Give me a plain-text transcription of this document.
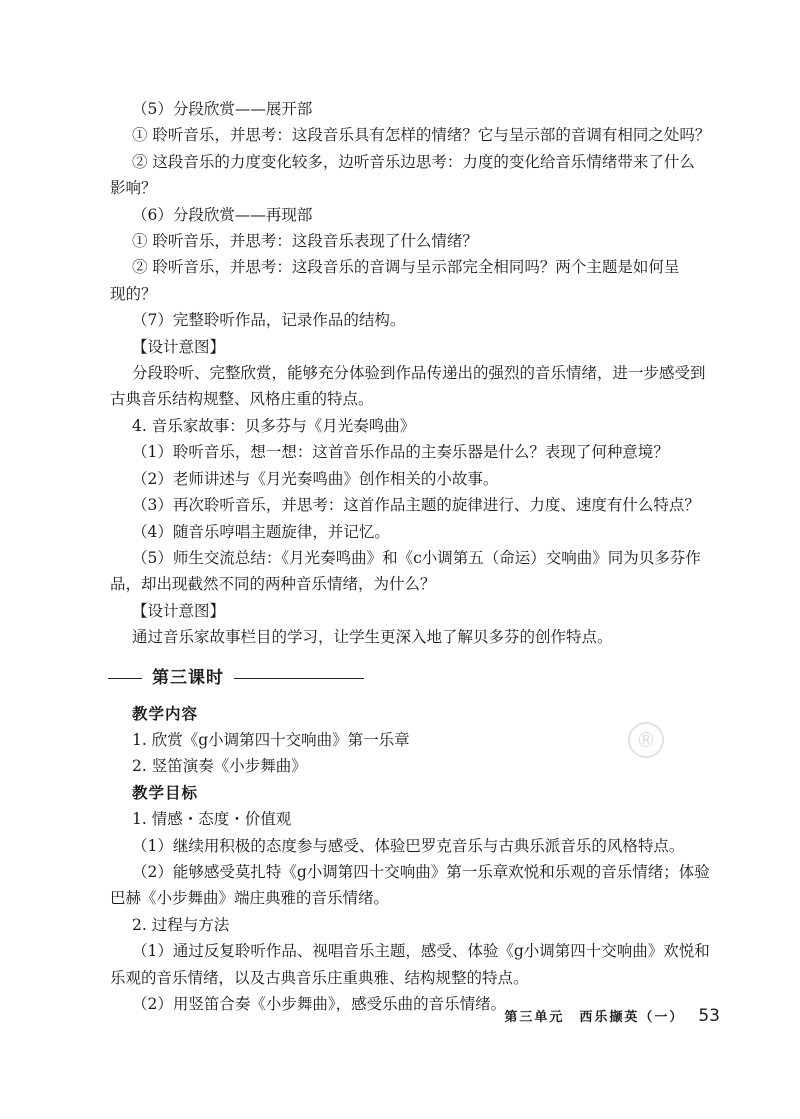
®

（5）分段欣赏——展开部

① 聆听音乐，并思考：这段音乐具有怎样的情绪？它与呈示部的音调有相同之处吗？

② 这段音乐的力度变化较多，边听音乐边思考：力度的变化给音乐情绪带来了什么

影响？

（6）分段欣赏——再现部

① 聆听音乐，并思考：这段音乐表现了什么情绪？

② 聆听音乐，并思考：这段音乐的音调与呈示部完全相同吗？两个主题是如何呈

现的？

（7）完整聆听作品，记录作品的结构。

【设计意图】

分段聆听、完整欣赏，能够充分体验到作品传递出的强烈的音乐情绪，进一步感受到

古典音乐结构规整、风格庄重的特点。

4. 音乐家故事：贝多芬与《月光奏鸣曲》

（1）聆听音乐，想一想：这首音乐作品的主奏乐器是什么？表现了何种意境？

（2）老师讲述与《月光奏鸣曲》创作相关的小故事。

（3）再次聆听音乐，并思考：这首作品主题的旋律进行、力度、速度有什么特点？

（4）随音乐哼唱主题旋律，并记忆。

（5）师生交流总结：《月光奏鸣曲》和《c小调第五（命运）交响曲》同为贝多芬作

品，却出现截然不同的两种音乐情绪，为什么？

【设计意图】

通过音乐家故事栏目的学习，让学生更深入地了解贝多芬的创作特点。

第三课时

教学内容

1. 欣赏《g小调第四十交响曲》第一乐章

2. 竖笛演奏《小步舞曲》

教学目标

1. 情感・态度・价值观

（1）继续用积极的态度参与感受、体验巴罗克音乐与古典乐派音乐的风格特点。

（2）能够感受莫扎特《g小调第四十交响曲》第一乐章欢悦和乐观的音乐情绪；体验

巴赫《小步舞曲》端庄典雅的音乐情绪。

2. 过程与方法

（1）通过反复聆听作品、视唱音乐主题，感受、体验《g小调第四十交响曲》欢悦和

乐观的音乐情绪，以及古典音乐庄重典雅、结构规整的特点。

（2）用竖笛合奏《小步舞曲》，感受乐曲的音乐情绪。

第三单元　西乐撷英（一） 53
